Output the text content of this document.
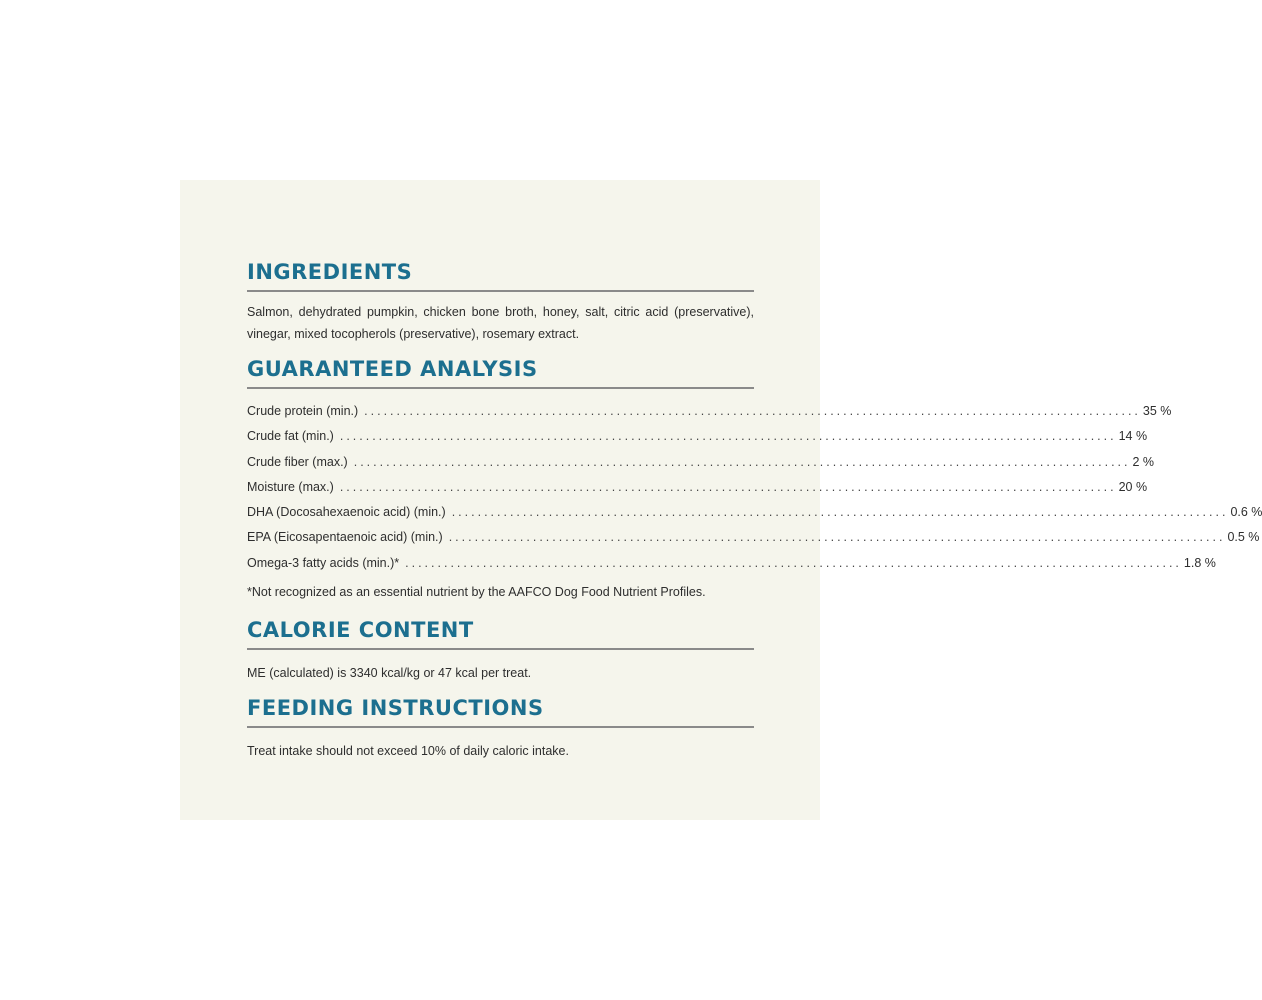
INGREDIENTS

Salmon, dehydrated pumpkin, chicken bone broth, honey, salt, citric acid (preservative), vinegar, mixed tocopherols (preservative), rosemary extract.

GUARANTEED ANALYSIS
Crude protein (min.) ........................................................................................................................ 35 %
Crude fat (min.) ........................................................................................................................ 14 %
Crude fiber (max.) ........................................................................................................................ 2 %
Moisture (max.) ........................................................................................................................ 20 %
DHA (Docosahexaenoic acid) (min.) ........................................................................................................................ 0.6 %
EPA (Eicosapentaenoic acid) (min.) ........................................................................................................................ 0.5 %
Omega-3 fatty acids (min.)* ........................................................................................................................ 1.8 %

*Not recognized as an essential nutrient by the AAFCO Dog Food Nutrient Profiles.

CALORIE CONTENT

ME (calculated) is 3340 kcal/kg or 47 kcal per treat.

FEEDING INSTRUCTIONS

Treat intake should not exceed 10% of daily caloric intake.
